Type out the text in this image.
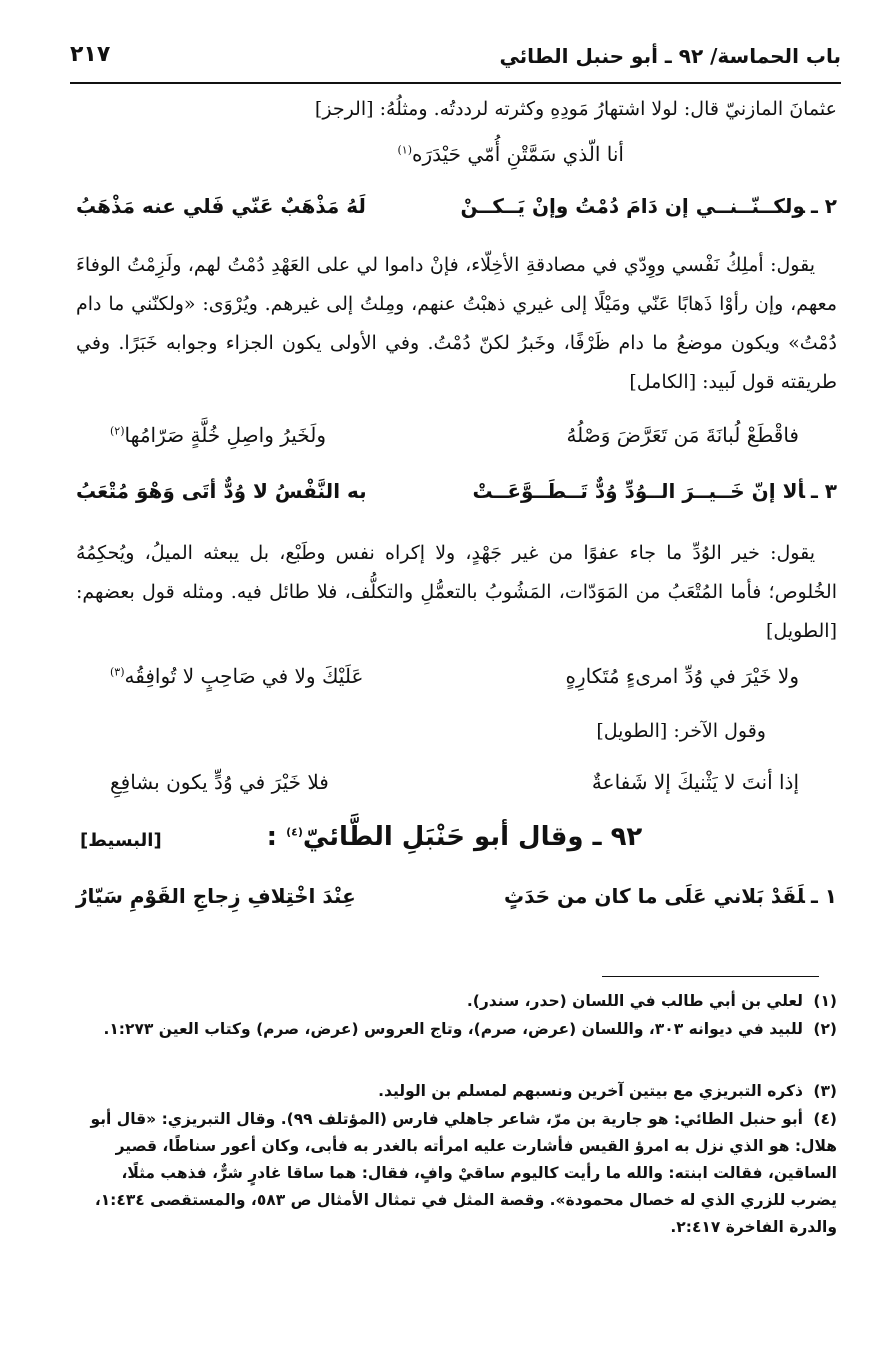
باب الحماسة/ ٩٢ ـ أبو حنبل الطائي
٢١٧
عثمانَ المازنيّ قال: لولا اشتهارُ مَودِهِ وكثرته لرددتُه. ومثلُهُ: [الرجز]
أنا الّذي سَمَّتْنِ أُمّي حَيْدَرَه$^{(١)}$
٢ ـولكــنّــنــي إن دَامَ دُمْتُ وإنْ يَــكــنْ
لَهُ مَذْهَبٌ عَنّي فَلي عنه مَذْهَبُ
يقول: أملِكُ نَفْسي ووِدّي في مصادقةِ الأخِلّاء، فإنْ داموا لي على العَهْدِ دُمْتُ لهم، ولَزِمْتُ الوفاءَ معهم، وإن رأوْا ذَهابًا عَنّي ومَيْلًا إلى غيري ذهبْتُ عنهم، ومِلتُ إلى غيرهم. ويُرْوَى: «ولكنّني ما دام دُمْتُ» ويكون موضعُ ما دام ظَرْفًا، وخَبرُ لكنّ دُمْتُ. وفي الأولى يكون الجزاء وجوابه خَبَرًا. وفي طريقته قول لَبيد: [الكامل]
فاقْطَعْ لُبانَةَ مَن تَعَرَّضَ وَصْلُهُ
ولَخَيرُ واصِلِ خُلَّةٍ صَرّامُها$^{(٢)}$
٣ ـألا إنّ خَــيــرَ الــوُدِّ وُدٌّ تَــطَــوَّعَــتْ
به النَّفْسُ لا وُدٌّ أتَى وَهْوَ مُتْعَبُ
يقول: خير الوُدِّ ما جاء عفوًا من غير جَهْدٍ، ولا إكراه نفس وطَبْع، بل يبعثه الميلُ، ويُحكِمُهُ الخُلوص؛ فأما المُتْعَبُ من المَوَدّات، المَشُوبُ بالتعمُّلِ والتكلُّف، فلا طائل فيه. ومثله قول بعضهم: [الطويل]
ولا خَيْرَ في وُدِّ امرىءٍ مُتَكارِهٍ
عَلَيْكَ ولا في صَاحِبٍ لا تُوافِقُه$^{(٣)}$
وقول الآخر: [الطويل]
إذا أنتَ لا يَثْنيكَ إلا شَفاعةٌ
فلا خَيْرَ في وُدٍّ يكون بشافِعِ
٩٢ ـ وقال أبو حَنْبَلِ الطَّائيّ$^{(٤)}$ :
[البسيط]
١ ـلَقَدْ بَلاني عَلَى ما كان من حَدَثٍ
عِنْدَ اخْتِلافِ زِجاجِ القَوْمِ سَيّارُ
(١)لعلي بن أبي طالب في اللسان (حدر، سندر).
(٢)للبيد في ديوانه ٣٠٣، واللسان (عرض، صرم)، وتاج العروس (عرض، صرم) وكتاب العين ١:٢٧٣.
(٣)ذكره التبريزي مع بيتين آخرين ونسبهم لمسلم بن الوليد.
(٤)أبو حنبل الطائي: هو جارية بن مرّ، شاعر جاهلي فارس (المؤتلف ٩٩). وقال التبريزي: «قال أبو هلال: هو الذي نزل به امرؤ القيس فأشارت عليه امرأته بالغدر به فأبى، وكان أعور سناطًا، قصير الساقين، فقالت ابنته: والله ما رأيت كاليوم ساقيْ وافٍ، فقال: هما ساقا غادرٍ شرٌّ، فذهب مثلًا، يضرب للزري الذي له خصال محمودة». وقصة المثل في تمثال الأمثال ص ٥٨٣، والمستقصى ١:٤٣٤، والدرة الفاخرة ٢:٤١٧.
